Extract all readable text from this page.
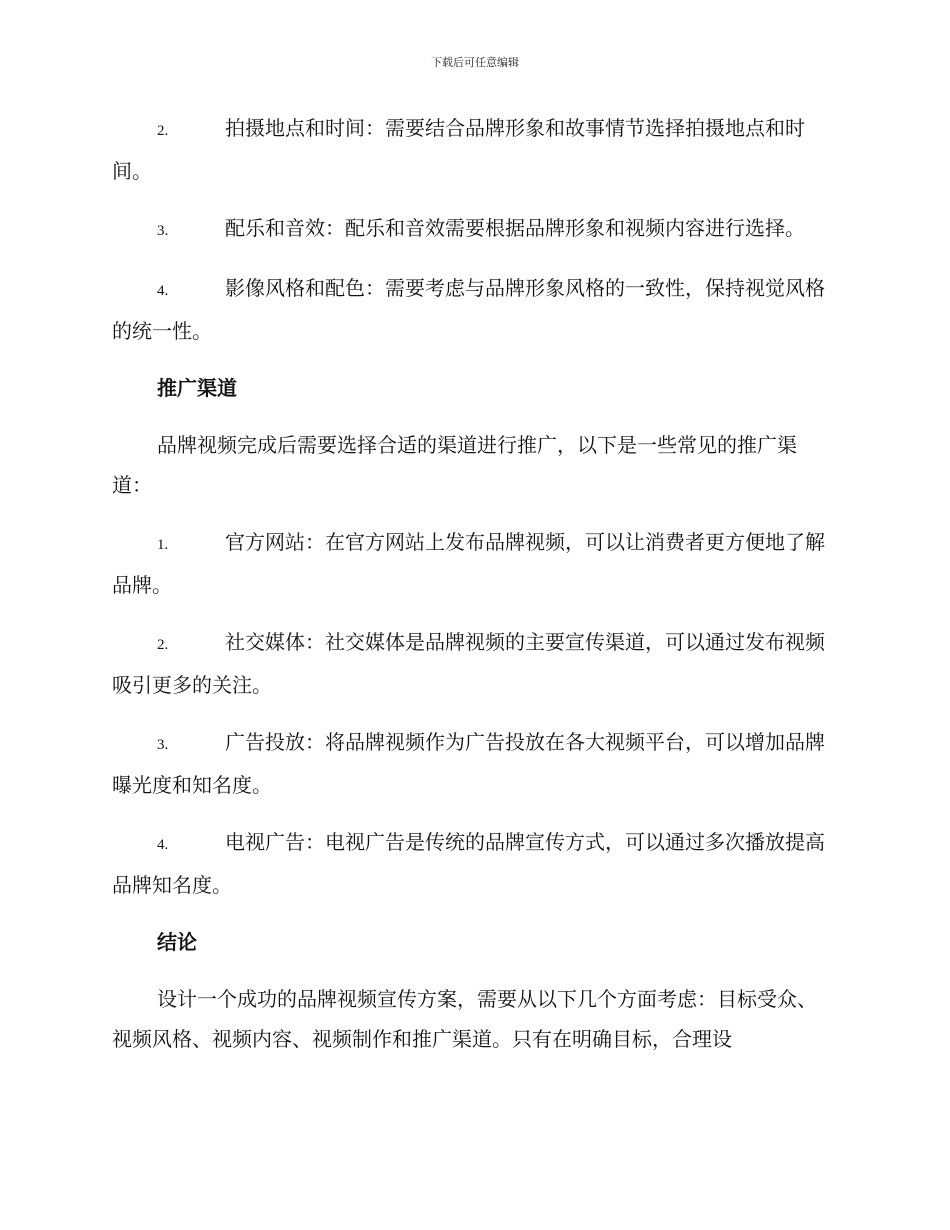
下载后可任意编辑

2.	拍摄地点和时间：需要结合品牌形象和故事情节选择拍摄地点和时间。

3.	配乐和音效：配乐和音效需要根据品牌形象和视频内容进行选择。

4.	影像风格和配色：需要考虑与品牌形象风格的一致性，保持视觉风格的统一性。

推广渠道

品牌视频完成后需要选择合适的渠道进行推广，以下是一些常见的推广渠道：

1.	官方网站：在官方网站上发布品牌视频，可以让消费者更方便地了解品牌。

2.	社交媒体：社交媒体是品牌视频的主要宣传渠道，可以通过发布视频吸引更多的关注。

3.	广告投放：将品牌视频作为广告投放在各大视频平台，可以增加品牌曝光度和知名度。

4.	电视广告：电视广告是传统的品牌宣传方式，可以通过多次播放提高品牌知名度。

结论

设计一个成功的品牌视频宣传方案，需要从以下几个方面考虑：目标受众、视频风格、视频内容、视频制作和推广渠道。只有在明确目标，合理设
